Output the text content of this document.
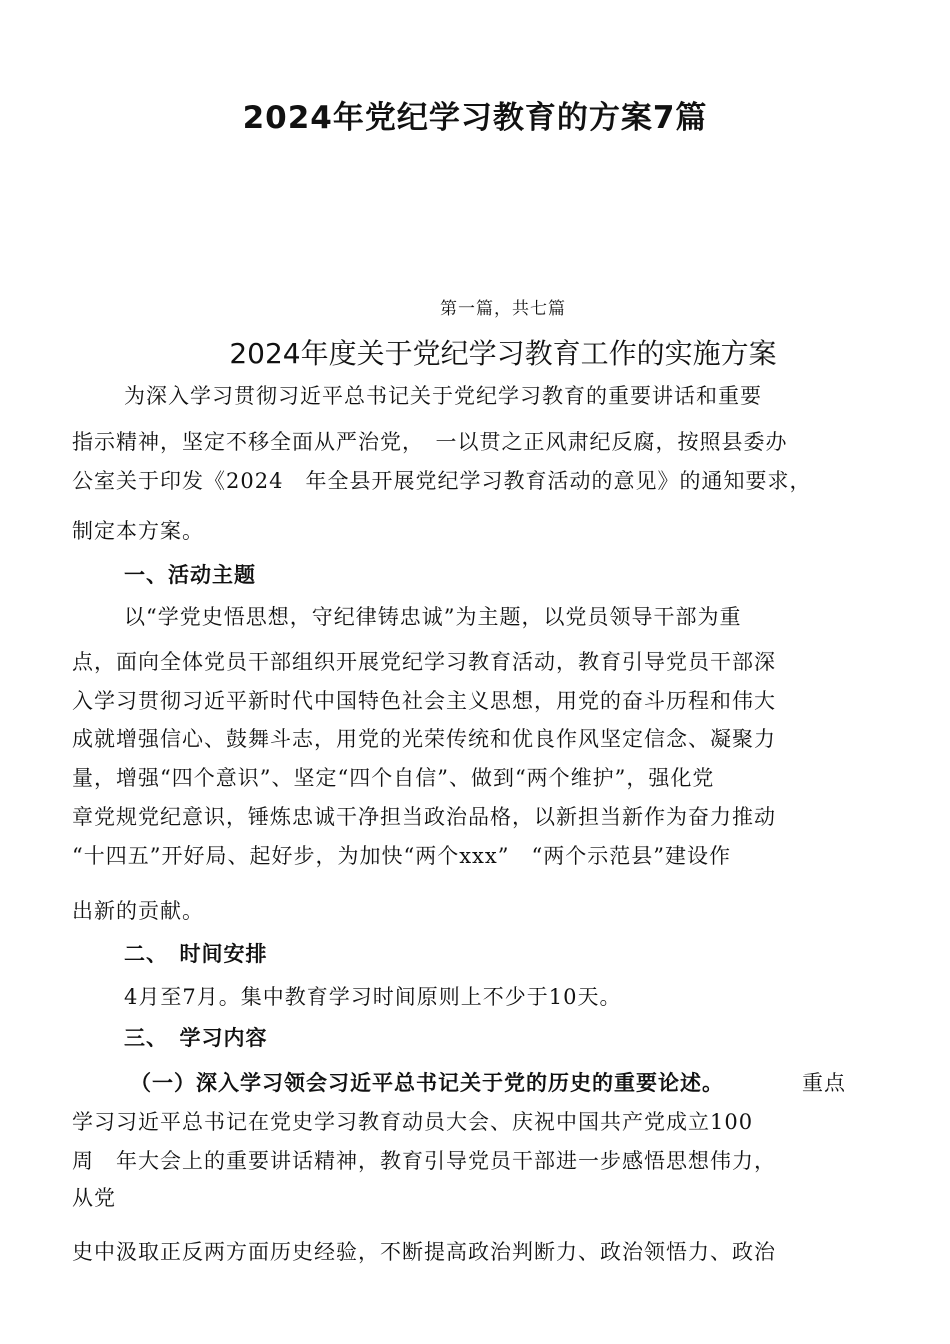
2024年党纪学习教育的方案7篇
第一篇，共七篇
2024年度关于党纪学习教育工作的实施方案
为深入学习贯彻习近平总书记关于党纪学习教育的重要讲话和重要
指示精神，坚定不移全面从严治党，　一以贯之正风肃纪反腐，按照县委办
公室关于印发《2024　年全县开展党纪学习教育活动的意见》的通知要求，
制定本方案。
一、活动主题
以“学党史悟思想，守纪律铸忠诚”为主题，以党员领导干部为重
点，面向全体党员干部组织开展党纪学习教育活动，教育引导党员干部深
入学习贯彻习近平新时代中国特色社会主义思想，用党的奋斗历程和伟大
成就增强信心、鼓舞斗志，用党的光荣传统和优良作风坚定信念、凝聚力
量，增强“四个意识”、坚定“四个自信”、做到“两个维护”，强化党
章党规党纪意识，锤炼忠诚干净担当政治品格，以新担当新作为奋力推动
“十四五”开好局、起好步，为加快“两个xxx”　“两个示范县”建设作
出新的贡献。
二、　时间安排
4月至7月。集中教育学习时间原则上不少于10天。
三、　学习内容
（一）深入学习领会习近平总书记关于党的历史的重要论述。	重点
学习习近平总书记在党史学习教育动员大会、庆祝中国共产党成立100
周　年大会上的重要讲话精神，教育引导党员干部进一步感悟思想伟力，
从党
史中汲取正反两方面历史经验，不断提高政治判断力、政治领悟力、政治
